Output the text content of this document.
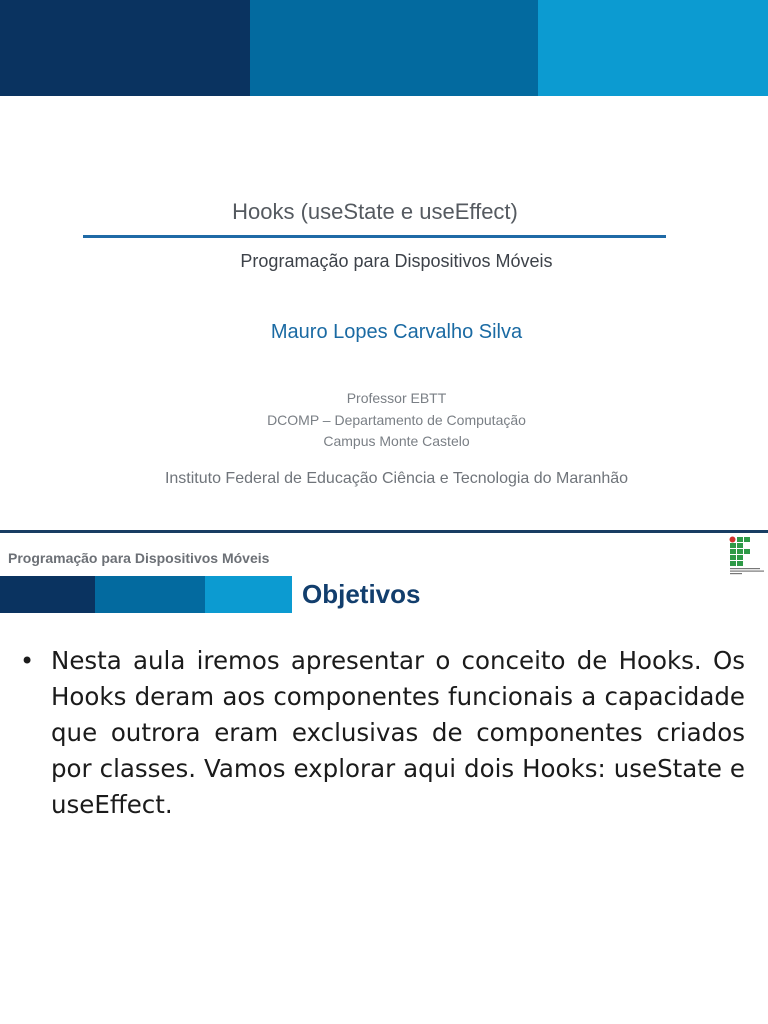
Hooks (useState e useEffect)
Programação para Dispositivos Móveis
Mauro Lopes Carvalho Silva
Professor EBTT
DCOMP – Departamento de Computação
Campus Monte Castelo
Instituto Federal de Educação Ciência e Tecnologia do Maranhão
Programação para Dispositivos Móveis
Objetivos
• Nesta aula iremos apresentar o conceito de Hooks. Os Hooks deram aos componentes funcionais a capacidade que outrora eram exclusivas de componentes criados por classes. Vamos explorar aqui dois Hooks: useState e useEffect.
